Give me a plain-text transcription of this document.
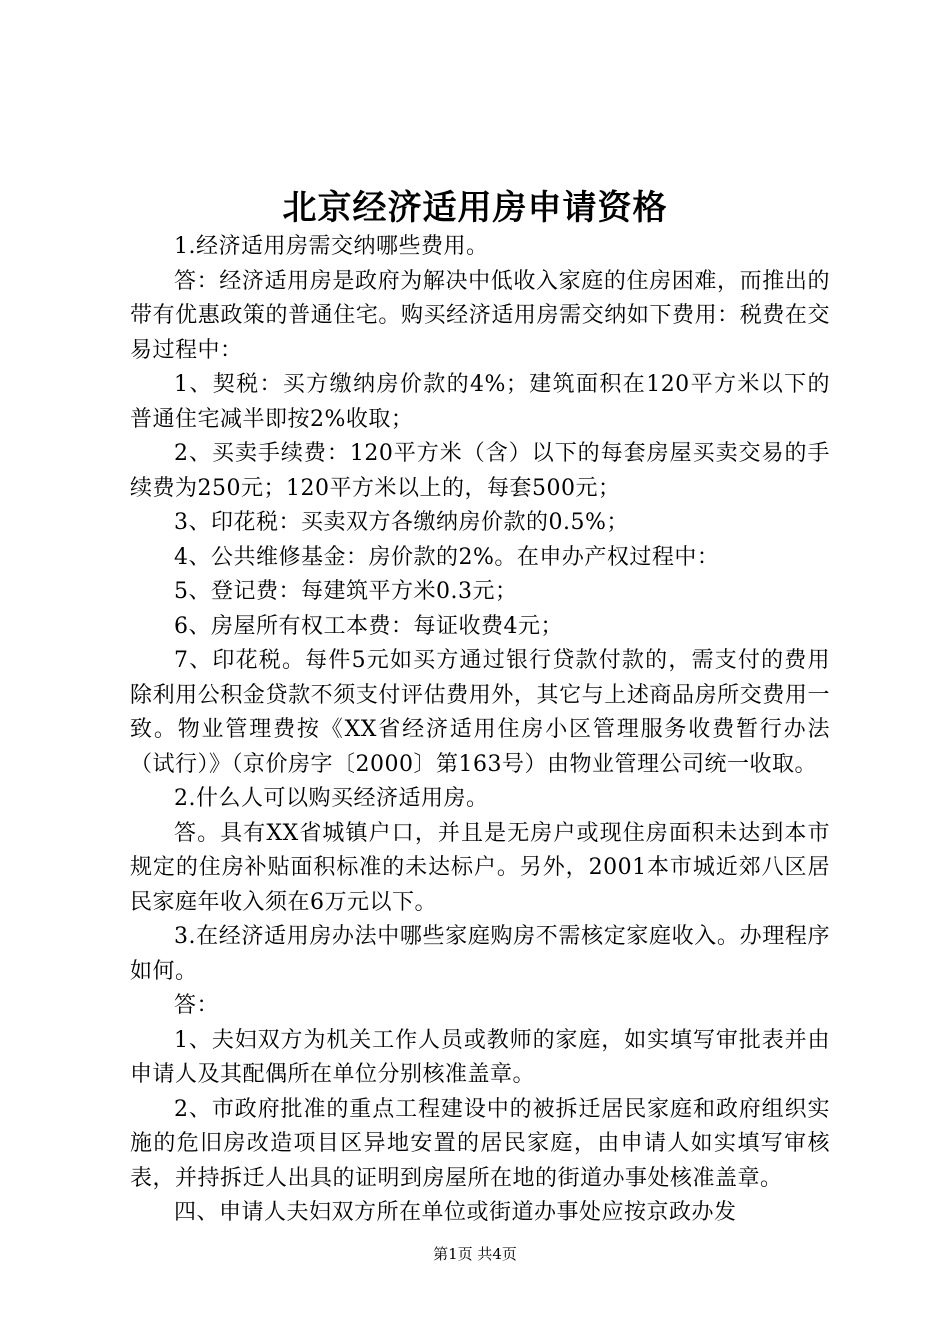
北京经济适用房申请资格

1.经济适用房需交纳哪些费用。

答：经济适用房是政府为解决中低收入家庭的住房困难，而推出的带有优惠政策的普通住宅。购买经济适用房需交纳如下费用：税费在交易过程中：

1、契税：买方缴纳房价款的4%；建筑面积在120平方米以下的普通住宅减半即按2%收取；

2、买卖手续费：120平方米（含）以下的每套房屋买卖交易的手续费为250元；120平方米以上的，每套500元；

3、印花税：买卖双方各缴纳房价款的0.5%；

4、公共维修基金：房价款的2%。在申办产权过程中：

5、登记费：每建筑平方米0.3元；

6、房屋所有权工本费：每证收费4元；

7、印花税。每件5元如买方通过银行贷款付款的，需支付的费用除利用公积金贷款不须支付评估费用外，其它与上述商品房所交费用一致。物业管理费按《XX省经济适用住房小区管理服务收费暂行办法（试行）》（京价房字〔2000〕第163号）由物业管理公司统一收取。

2.什么人可以购买经济适用房。

答。具有XX省城镇户口，并且是无房户或现住房面积未达到本市规定的住房补贴面积标准的未达标户。另外，2001本市城近郊八区居民家庭年收入须在6万元以下。

3.在经济适用房办法中哪些家庭购房不需核定家庭收入。办理程序如何。

答：

1、夫妇双方为机关工作人员或教师的家庭，如实填写审批表并由申请人及其配偶所在单位分别核准盖章。

2、市政府批准的重点工程建设中的被拆迁居民家庭和政府组织实施的危旧房改造项目区异地安置的居民家庭，由申请人如实填写审核表，并持拆迁人出具的证明到房屋所在地的街道办事处核准盖章。

四、申请人夫妇双方所在单位或街道办事处应按京政办发

第1页 共4页
